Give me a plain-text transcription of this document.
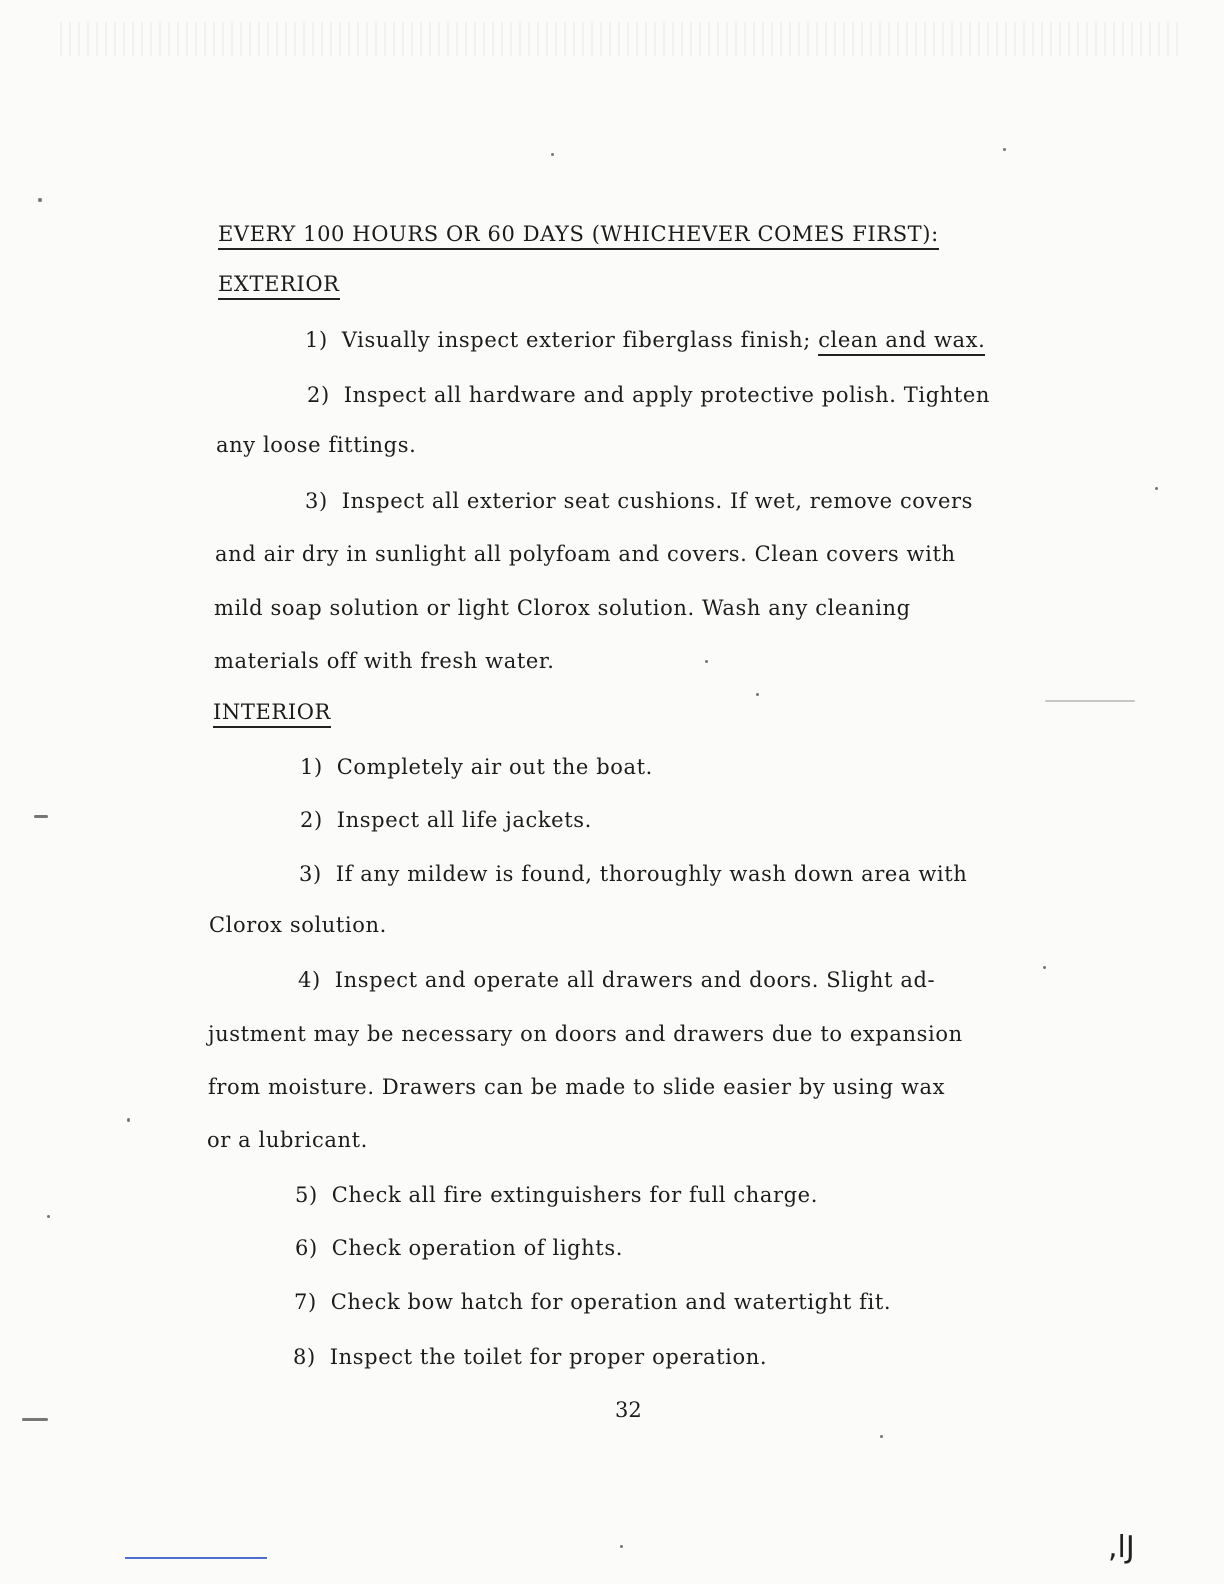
EVERY 100 HOURS OR 60 DAYS (WHICHEVER COMES FIRST):
EXTERIOR
1) Visually inspect exterior fiberglass finish; clean and wax.
2) Inspect all hardware and apply protective polish. Tighten
any loose fittings.
3) Inspect all exterior seat cushions. If wet, remove covers
and air dry in sunlight all polyfoam and covers. Clean covers with
mild soap solution or light Clorox solution. Wash any cleaning
materials off with fresh water.
INTERIOR
1) Completely air out the boat.
2) Inspect all life jackets.
3) If any mildew is found, thoroughly wash down area with
Clorox solution.
4) Inspect and operate all drawers and doors. Slight ad-
justment may be necessary on doors and drawers due to expansion
from moisture. Drawers can be made to slide easier by using wax
or a lubricant.
5) Check all fire extinguishers for full charge.
6) Check operation of lights.
7) Check bow hatch for operation and watertight fit.
8) Inspect the toilet for proper operation.
32
,lJ
